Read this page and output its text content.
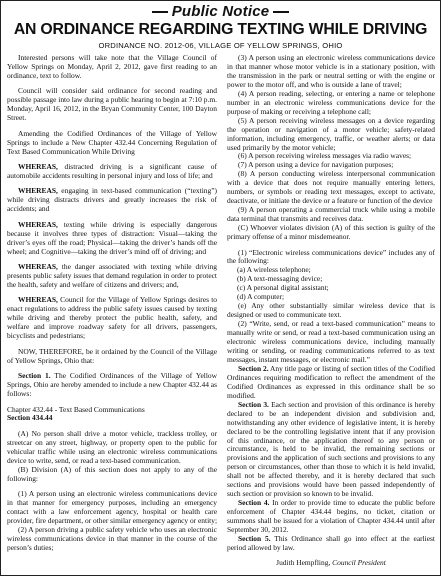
Public Notice
AN ORDINANCE REGARDING TEXTING WHILE DRIVING
ORDINANCE NO. 2012-06, VILLAGE OF YELLOW SPRINGS, OHIO

Interested persons will take note that the Village Council of Yellow Springs on Monday, April 2, 2012, gave first reading to an ordinance, text to follow.

Council will consider said ordinance for second reading and possible passage into law during a public hearing to begin at 7:10 p.m. Monday, April 16, 2012, in the Bryan Community Center, 100 Dayton Street.

Amending the Codified Ordinances of the Village of Yellow Springs to include a New Chapter 432.44 Concerning Regulation of Text Based Communication While Driving

WHEREAS, distracted driving is a significant cause of automobile accidents resulting in personal injury and loss of life; and

WHEREAS, engaging in text-based communication (“texting”) while driving distracts drivers and greatly increases the risk of accidents; and

WHEREAS, texting while driving is especially dangerous because it involves three types of distraction: Visual—taking the driver’s eyes off the road; Physical—taking the driver’s hands off the wheel; and Cognitive—taking the driver’s mind off of driving; and

WHEREAS, the danger associated with texting while driving presents public safety issues that demand regulation in order to protect the health, safety and welfare of citizens and drivers; and,

WHEREAS, Council for the Village of Yellow Springs desires to enact regulations to address the public safety issues caused by texting while driving and thereby protect the public health, safety, and welfare and improve roadway safety for all drivers, passengers, bicyclists and pedestrians;

NOW, THEREFORE, be it ordained by the Council of the Village of Yellow Springs, Ohio that:

Section 1. The Codified Ordinances of the Village of Yellow Springs, Ohio are hereby amended to include a new Chapter 432.44 as follows:

Chapter 432.44 - Text Based Communications

Section 434.44

(A) No person shall drive a motor vehicle, trackless trolley, or streetcar on any street, highway, or property open to the public for vehicular traffic while using an electronic wireless communications device to write, send, or read a text-based communication.

(B) Division (A) of this section does not apply to any of the following:

(1) A person using an electronic wireless communications device in that manner for emergency purposes, including an emergency contact with a law enforcement agency, hospital or health care provider, fire department, or other similar emergency agency or entity;

(2) A person driving a public safety vehicle who uses an electronic wireless communications device in that manner in the course of the person’s duties;

(3) A person using an electronic wireless communications device in that manner whose motor vehicle is in a stationary position, with the transmission in the park or neutral setting or with the engine or power to the motor off, and who is outside a lane of travel;

(4) A person reading, selecting, or entering a name or telephone number in an electronic wireless communications device for the purpose of making or receiving a telephone call;

(5) A person receiving wireless messages on a device regarding the operation or navigation of a motor vehicle; safety-related information, including emergency, traffic, or weather alerts; or data used primarily by the motor vehicle;

(6) A person receiving wireless messages via radio waves;

(7) A person using a device for navigation purposes;

(8) A person conducting wireless interpersonal communication with a device that does not require manually entering letters, numbers, or symbols or reading text messages, except to activate, deactivate, or initiate the device or a feature or function of the device

(9) A person operating a commercial truck while using a mobile data terminal that transmits and receives data.

(C) Whoever violates division (A) of this section is guilty of the primary offense of a minor misdemeanor.

(1) “Electronic wireless communications device” includes any of the following:

(a) A wireless telephone;

(b) A text-messaging device;

(c) A personal digital assistant;

(d) A computer;

(e) Any other substantially similar wireless device that is designed or used to communicate text.

(2) “Write, send, or read a text-based communication” means to manually write or send, or read a text-based communication using an electronic wireless communications device, including manually writing or sending, or reading communications referred to as text messages, instant messages, or electronic mail.”

Section 2. Any title page or listing of section titles of the Codified Ordinances requiring modification to reflect the amendment of the Codified Ordinances as expressed in this ordinance shall be so modified.

Section 3. Each section and provision of this ordinance is hereby declared to be an independent division and subdivision and, notwithstanding any other evidence of legislative intent, it is hereby declared to be the controlling legislative intent that if any provision of this ordinance, or the application thereof to any person or circumstance, is held to be invalid, the remaining sections or provisions and the application of such sections and provisions to any person or circumstances, other than those to which it is held invalid, shall not be affected thereby, and it is hereby declared that such sections and provisions would have been passed independently of such section or provision so known to be invalid.

Section 4. In order to provide time to educate the public before enforcement of Chapter 434.44 begins, no ticket, citation or summons shall be issued for a violation of Chapter 434.44 until after September 30, 2012.

Section 5. This Ordinance shall go into effect at the earliest period allowed by law.

Judith Hempfling, Council President
